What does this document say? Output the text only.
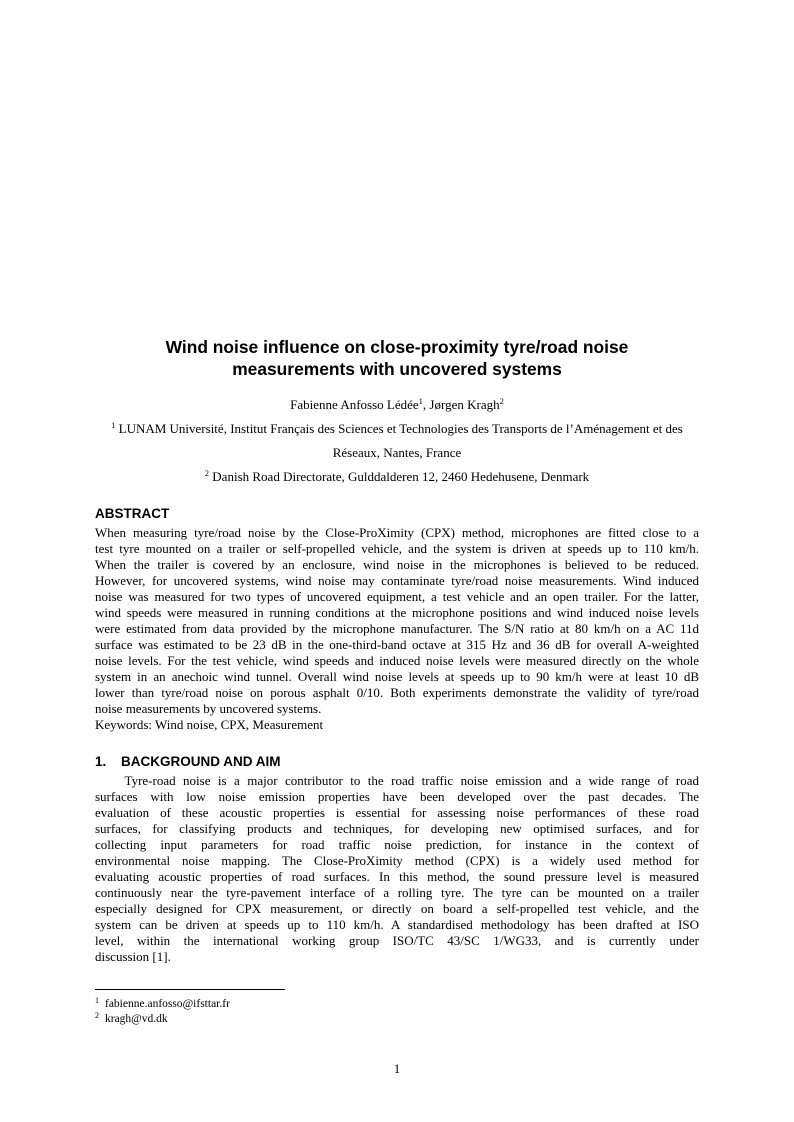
Wind noise influence on close-proximity tyre/road noise
measurements with uncovered systems
Fabienne Anfosso Lédée$^1$, Jørgen Kragh$^2$
$^1$ LUNAM Université, Institut Français des Sciences et Technologies des Transports de l’Aménagement et des
Réseaux, Nantes, France
$^2$ Danish Road Directorate, Gulddalderen 12, 2460 Hedehusene, Denmark
ABSTRACT
When measuring tyre/road noise by the Close-ProXimity (CPX) method, microphones are fitted close to a
test tyre mounted on a trailer or self-propelled vehicle, and the system is driven at speeds up to 110 km/h.
When the trailer is covered by an enclosure, wind noise in the microphones is believed to be reduced.
However, for uncovered systems, wind noise may contaminate tyre/road noise measurements. Wind induced
noise was measured for two types of uncovered equipment, a test vehicle and an open trailer. For the latter,
wind speeds were measured in running conditions at the microphone positions and wind induced noise levels
were estimated from data provided by the microphone manufacturer. The S/N ratio at 80 km/h on a AC 11d
surface was estimated to be 23 dB in the one-third-band octave at 315 Hz and 36 dB for overall A-weighted
noise levels. For the test vehicle, wind speeds and induced noise levels were measured directly on the whole
system in an anechoic wind tunnel. Overall wind noise levels at speeds up to 90 km/h were at least 10 dB
lower than tyre/road noise on porous asphalt 0/10. Both experiments demonstrate the validity of tyre/road
noise measurements by uncovered systems.
Keywords: Wind noise, CPX, Measurement
1. BACKGROUND AND AIM
Tyre-road noise is a major contributor to the road traffic noise emission and a wide range of road
surfaces with low noise emission properties have been developed over the past decades. The
evaluation of these acoustic properties is essential for assessing noise performances of these road
surfaces, for classifying products and techniques, for developing new optimised surfaces, and for
collecting input parameters for road traffic noise prediction, for instance in the context of
environmental noise mapping. The Close-ProXimity method (CPX) is a widely used method for
evaluating acoustic properties of road surfaces. In this method, the sound pressure level is measured
continuously near the tyre-pavement interface of a rolling tyre. The tyre can be mounted on a trailer
especially designed for CPX measurement, or directly on board a self-propelled test vehicle, and the
system can be driven at speeds up to 110 km/h. A standardised methodology has been drafted at ISO
level, within the international working group ISO/TC 43/SC 1/WG33, and is currently under
discussion [1].
1 fabienne.anfosso@ifsttar.fr
2 kragh@vd.dk
1
